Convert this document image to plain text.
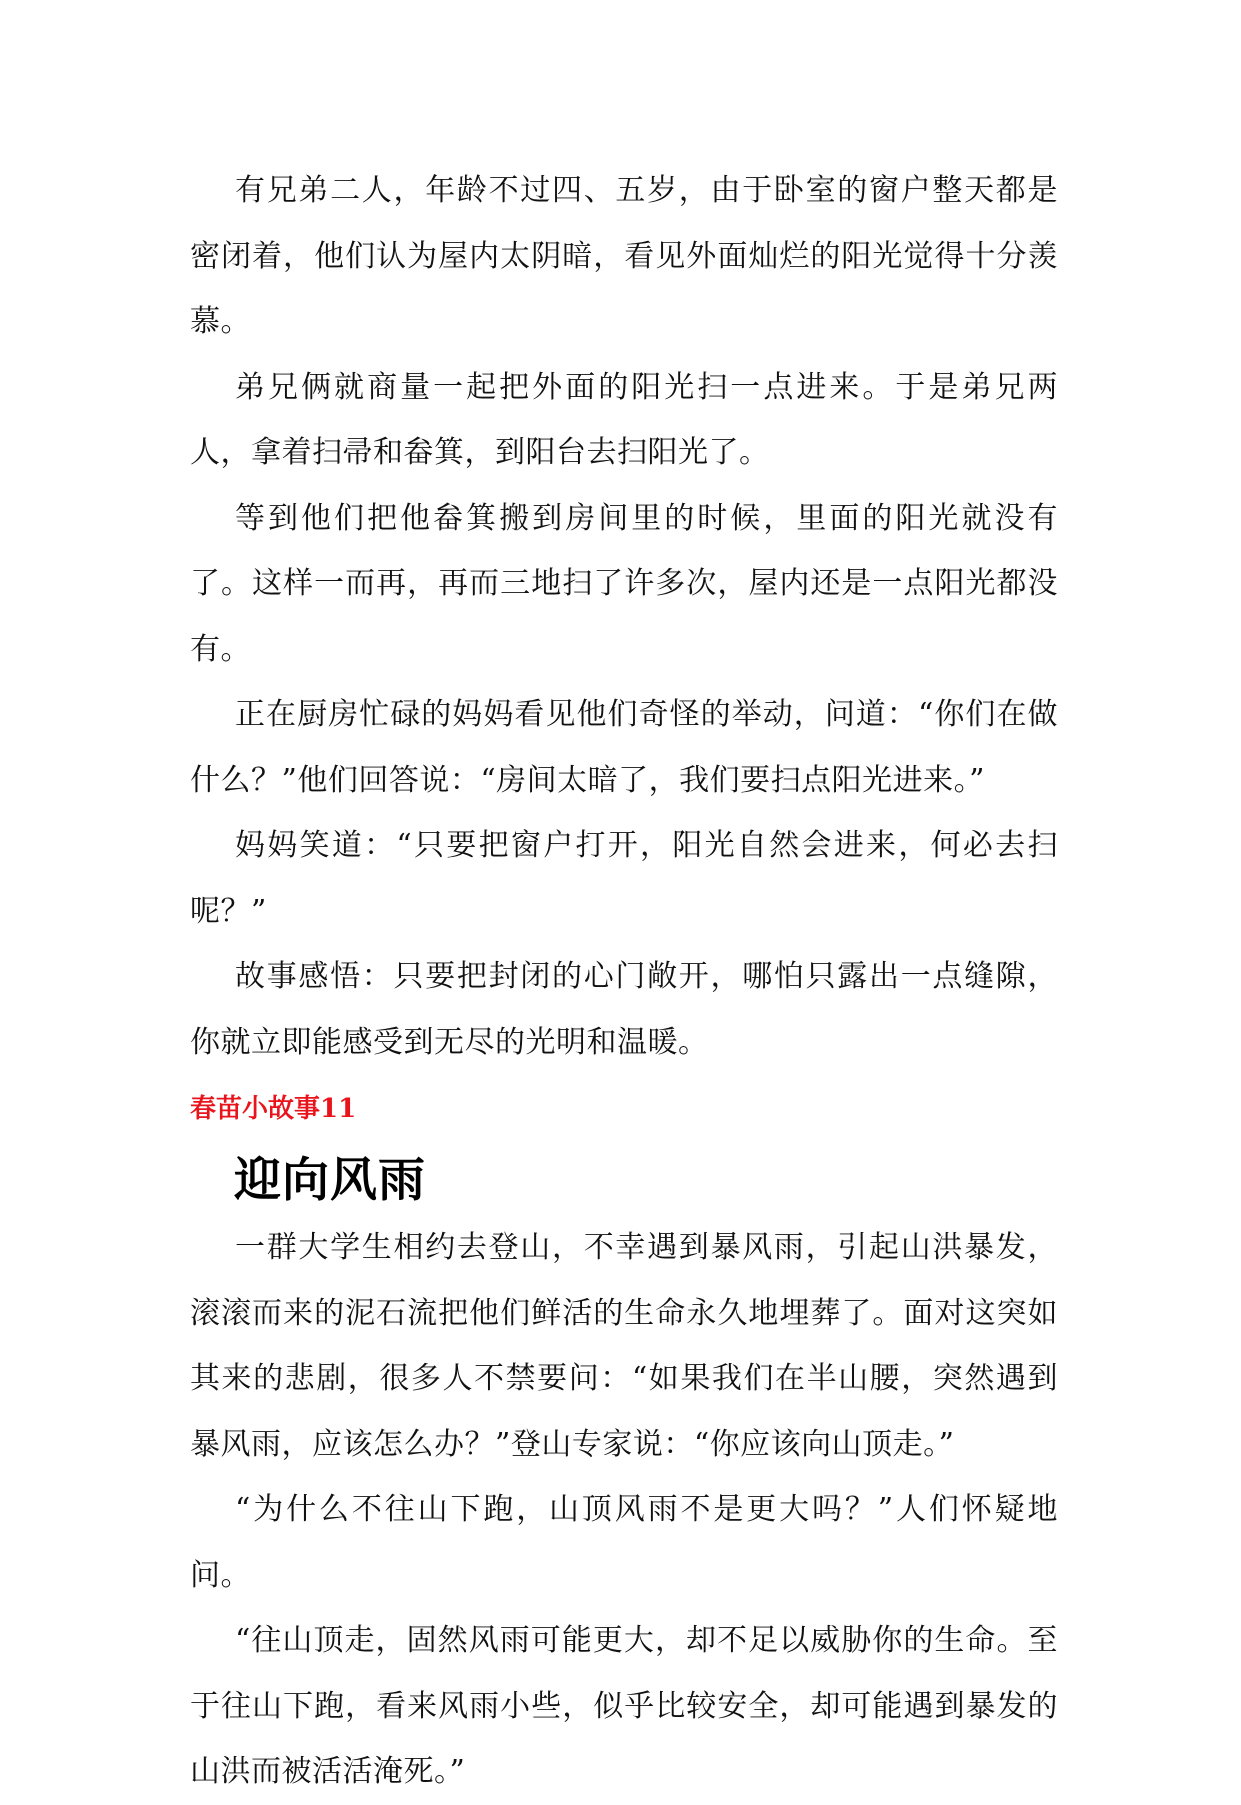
有兄弟二人，年龄不过四、五岁，由于卧室的窗户整天都是密闭着，他们认为屋内太阴暗，看见外面灿烂的阳光觉得十分羡慕。

弟兄俩就商量一起把外面的阳光扫一点进来。于是弟兄两人，拿着扫帚和畚箕，到阳台去扫阳光了。

等到他们把他畚箕搬到房间里的时候，里面的阳光就没有了。这样一而再，再而三地扫了许多次，屋内还是一点阳光都没有。

正在厨房忙碌的妈妈看见他们奇怪的举动，问道：“你们在做什么？”他们回答说：“房间太暗了，我们要扫点阳光进来。”

妈妈笑道：“只要把窗户打开，阳光自然会进来，何必去扫呢？”

故事感悟：只要把封闭的心门敞开，哪怕只露出一点缝隙，你就立即能感受到无尽的光明和温暖。

春苗小故事11
迎向风雨

一群大学生相约去登山，不幸遇到暴风雨，引起山洪暴发，滚滚而来的泥石流把他们鲜活的生命永久地埋葬了。面对这突如其来的悲剧，很多人不禁要问：“如果我们在半山腰，突然遇到暴风雨，应该怎么办？”登山专家说：“你应该向山顶走。”

“为什么不往山下跑，山顶风雨不是更大吗？”人们怀疑地问。

“往山顶走，固然风雨可能更大，却不足以威胁你的生命。至于往山下跑，看来风雨小些，似乎比较安全，却可能遇到暴发的山洪而被活活淹死。”
